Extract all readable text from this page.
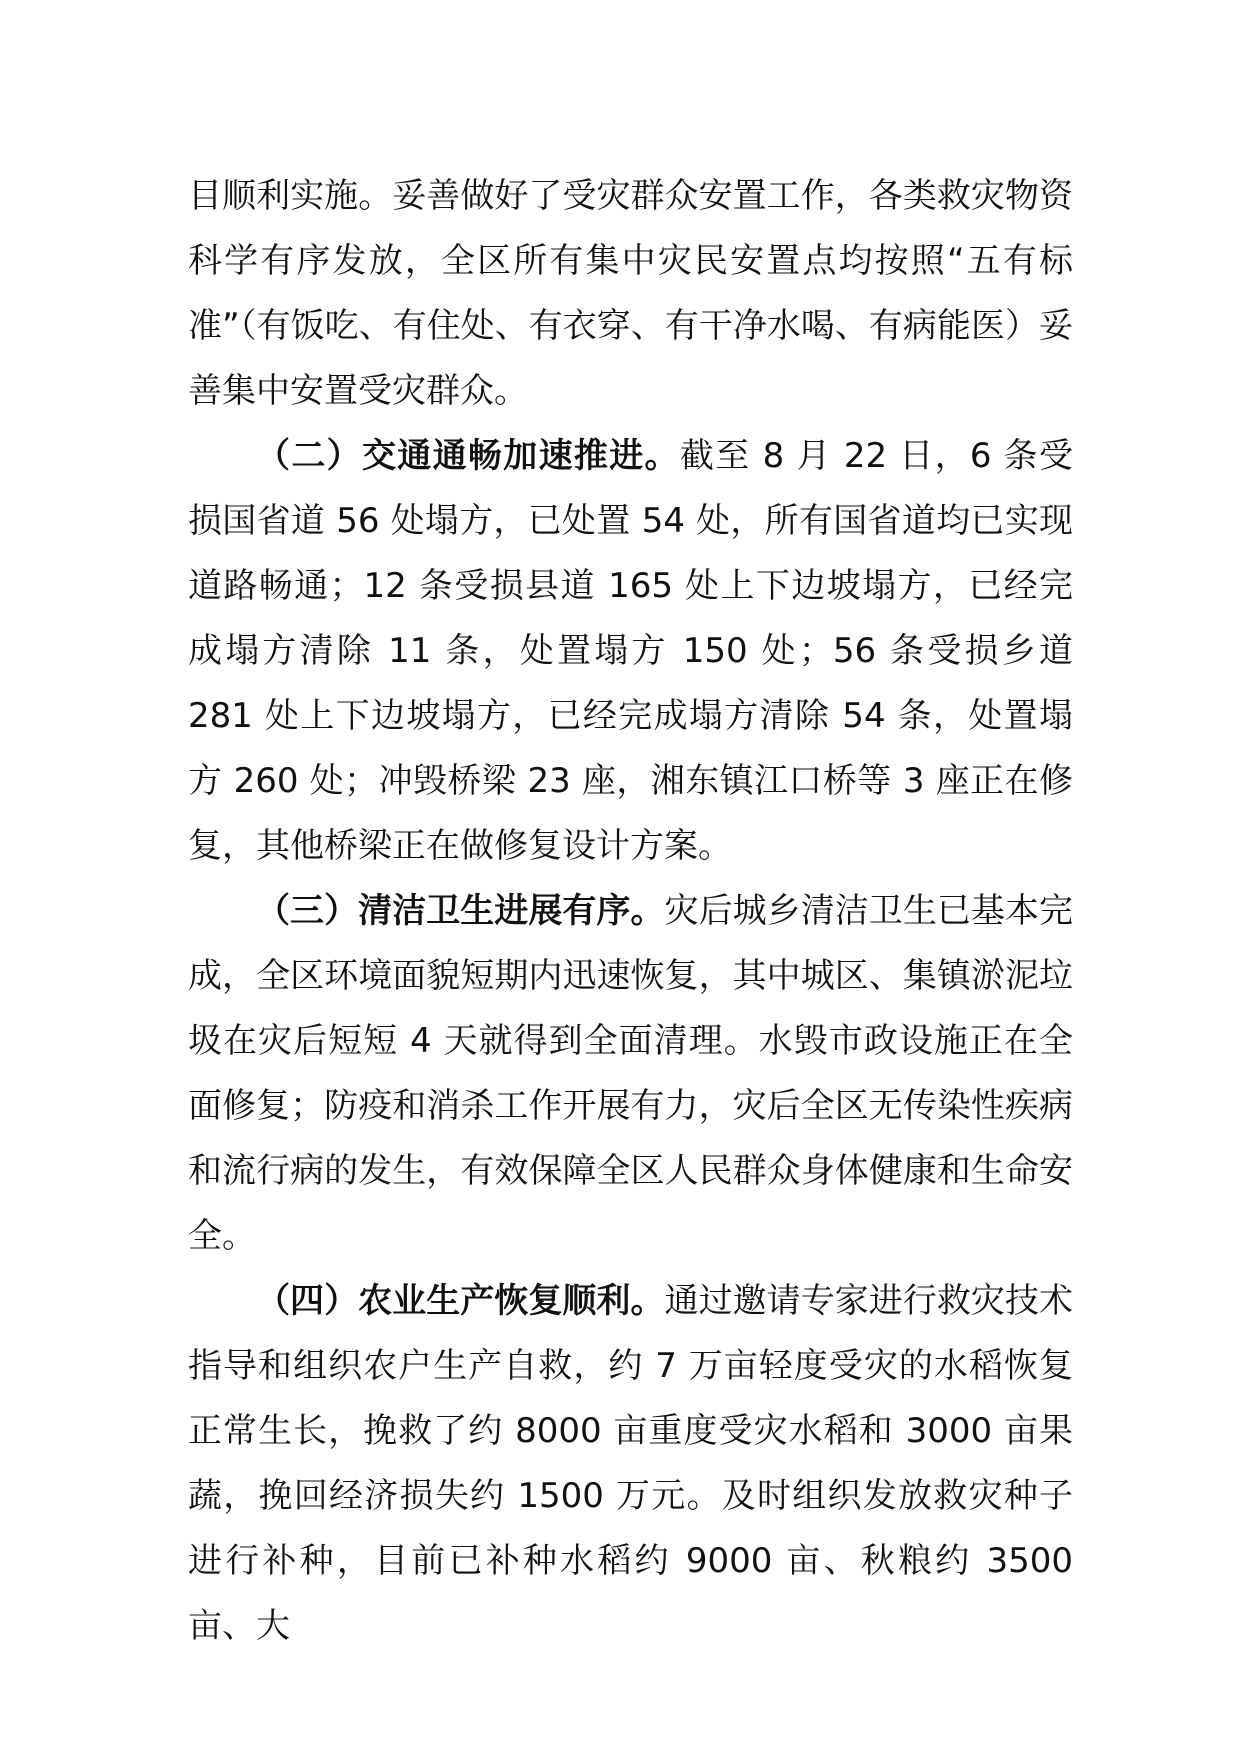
目顺利实施。妥善做好了受灾群众安置工作，各类救灾物资科学有序发放，全区所有集中灾民安置点均按照“五有标准”（有饭吃、有住处、有衣穿、有干净水喝、有病能医）妥善集中安置受灾群众。

（二）交通通畅加速推进。截至 8 月 22 日，6 条受损国省道 56 处塌方，已处置 54 处，所有国省道均已实现道路畅通；12 条受损县道 165 处上下边坡塌方，已经完成塌方清除 11 条，处置塌方 150 处；56 条受损乡道 281 处上下边坡塌方，已经完成塌方清除 54 条，处置塌方 260 处；冲毁桥梁 23 座，湘东镇江口桥等 3 座正在修复，其他桥梁正在做修复设计方案。

（三）清洁卫生进展有序。灾后城乡清洁卫生已基本完成，全区环境面貌短期内迅速恢复，其中城区、集镇淤泥垃圾在灾后短短 4 天就得到全面清理。水毁市政设施正在全面修复；防疫和消杀工作开展有力，灾后全区无传染性疾病和流行病的发生，有效保障全区人民群众身体健康和生命安全。

（四）农业生产恢复顺利。通过邀请专家进行救灾技术指导和组织农户生产自救，约 7 万亩轻度受灾的水稻恢复正常生长，挽救了约 8000 亩重度受灾水稻和 3000 亩果蔬，挽回经济损失约 1500 万元。及时组织发放救灾种子进行补种，目前已补种水稻约 9000 亩、秋粮约 3500 亩、大
